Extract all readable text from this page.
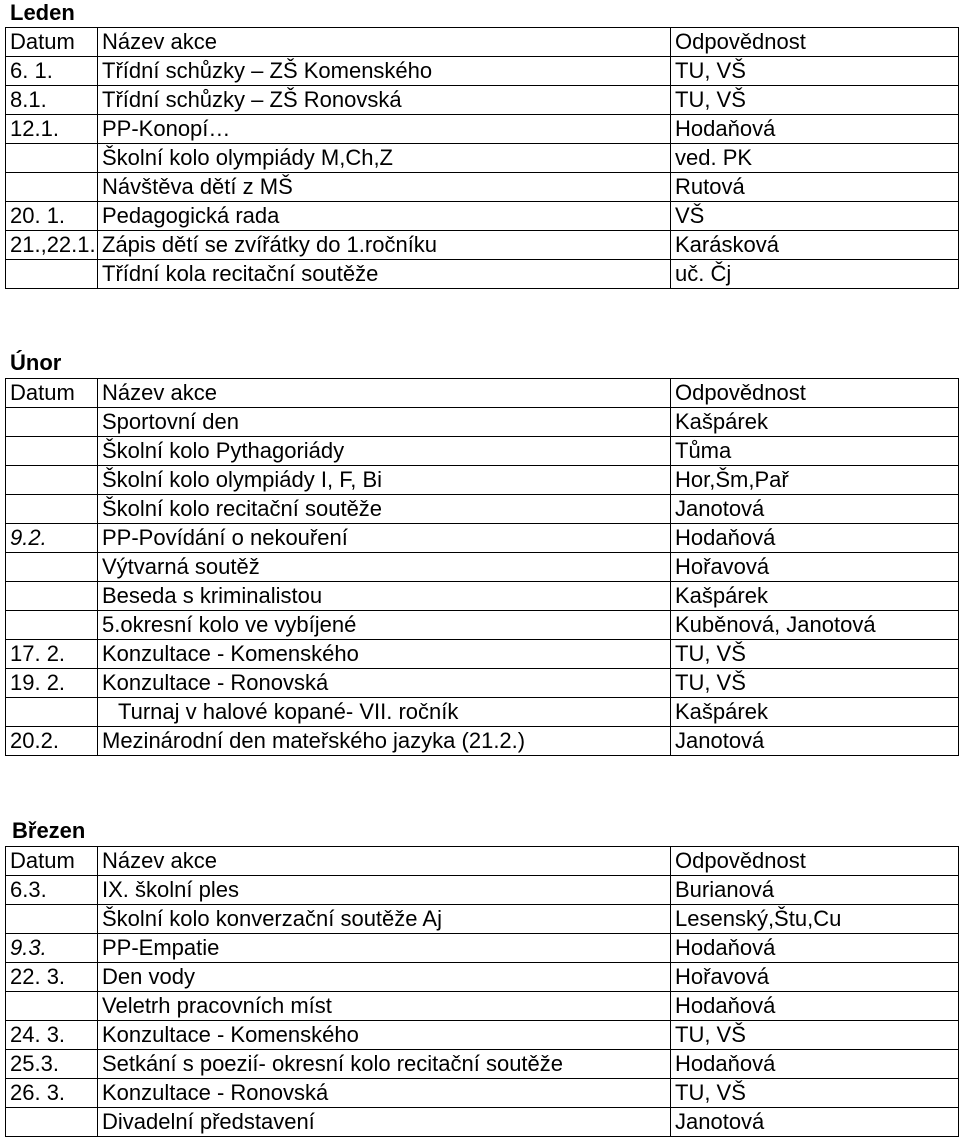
Leden
Datum	Název akce	Odpovědnost
6. 1.	Třídní schůzky – ZŠ Komenského	TU, VŠ
8.1.	Třídní schůzky – ZŠ Ronovská	TU, VŠ
12.1.	PP-Konopí…	Hodaňová
	Školní kolo olympiády M,Ch,Z	ved. PK
	Návštěva dětí z MŠ	Rutová
20. 1.	Pedagogická rada	VŠ
21.,22.1.	Zápis dětí se zvířátky do 1.ročníku	Karásková
	Třídní kola recitační soutěže	uč. Čj
Únor
Datum	Název akce	Odpovědnost
	Sportovní den	Kašpárek
	Školní kolo Pythagoriády	Tůma
	Školní kolo olympiády I, F, Bi	Hor,Šm,Pař
	Školní kolo recitační soutěže	Janotová
9.2.	PP-Povídání o nekouření	Hodaňová
	Výtvarná soutěž	Hořavová
	Beseda s kriminalistou	Kašpárek
	5.okresní kolo ve vybíjené	Kuběnová, Janotová
17. 2.	Konzultace - Komenského	TU, VŠ
19. 2.	Konzultace - Ronovská	TU, VŠ
	Turnaj v halové kopané- VII. ročník	Kašpárek
20.2.	Mezinárodní den mateřského jazyka (21.2.)	Janotová
Březen
Datum	Název akce	Odpovědnost
6.3.	IX. školní ples	Burianová
	Školní kolo konverzační soutěže Aj	Lesenský,Štu,Cu
9.3.	PP-Empatie	Hodaňová
22. 3.	Den vody	Hořavová
	Veletrh pracovních míst	Hodaňová
24. 3.	Konzultace - Komenského	TU, VŠ
25.3.	Setkání s poezií- okresní kolo recitační soutěže	Hodaňová
26. 3.	Konzultace - Ronovská	TU, VŠ
	Divadelní představení	Janotová
